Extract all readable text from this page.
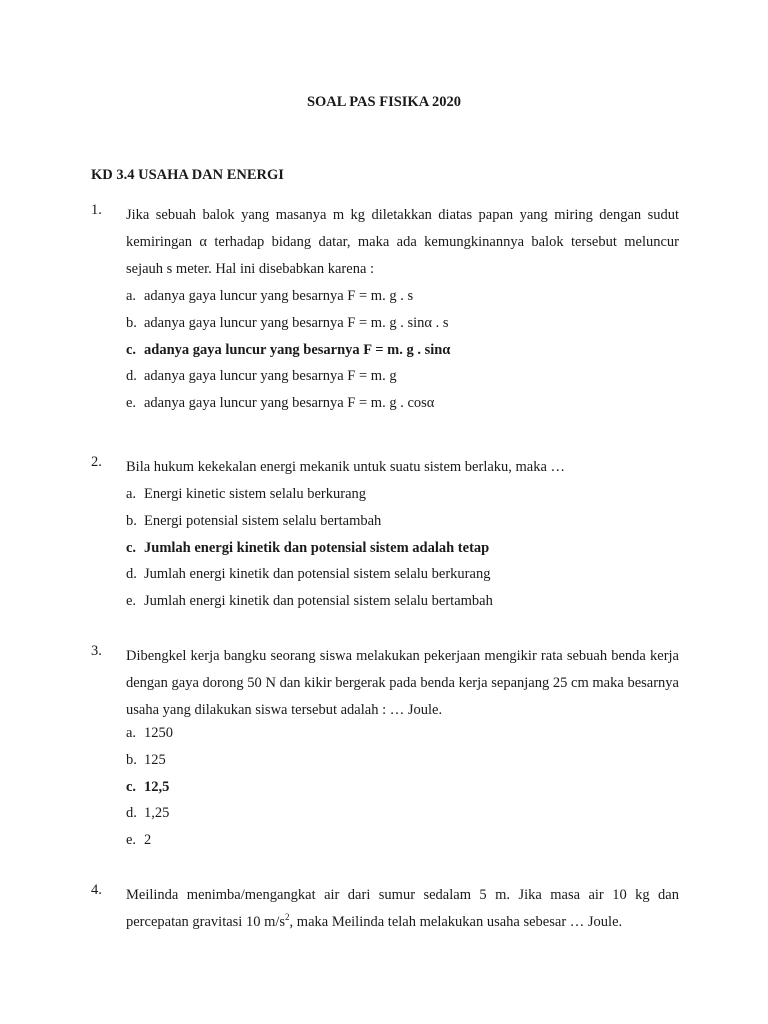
SOAL PAS FISIKA 2020
KD 3.4 USAHA DAN ENERGI
1. Jika sebuah balok yang masanya m kg diletakkan diatas papan yang miring dengan sudut kemiringan α terhadap bidang datar, maka ada kemungkinannya balok tersebut meluncur sejauh s meter. Hal ini disebabkan karena :
a. adanya gaya luncur yang besarnya F = m. g . s
b. adanya gaya luncur yang besarnya F = m. g . sinα . s
c. adanya gaya luncur yang besarnya F = m. g . sinα
d. adanya gaya luncur yang besarnya F = m. g
e. adanya gaya luncur yang besarnya F = m. g . cosα
2. Bila hukum kekekalan energi mekanik untuk suatu sistem berlaku, maka …
a. Energi kinetic sistem selalu berkurang
b. Energi potensial sistem selalu bertambah
c. Jumlah energi kinetik dan potensial sistem adalah tetap
d. Jumlah energi kinetik dan potensial sistem selalu berkurang
e. Jumlah energi kinetik dan potensial sistem selalu bertambah
3. Dibengkel kerja bangku seorang siswa melakukan pekerjaan mengikir rata sebuah benda kerja dengan gaya dorong 50 N dan kikir bergerak pada benda kerja sepanjang 25 cm maka besarnya usaha yang dilakukan siswa tersebut adalah : … Joule.
a. 1250
b. 125
c. 12,5
d. 1,25
e. 2
4. Meilinda menimba/mengangkat air dari sumur sedalam 5 m. Jika masa air 10 kg dan percepatan gravitasi 10 $m/s^2$, maka Meilinda telah melakukan usaha sebesar … Joule.
